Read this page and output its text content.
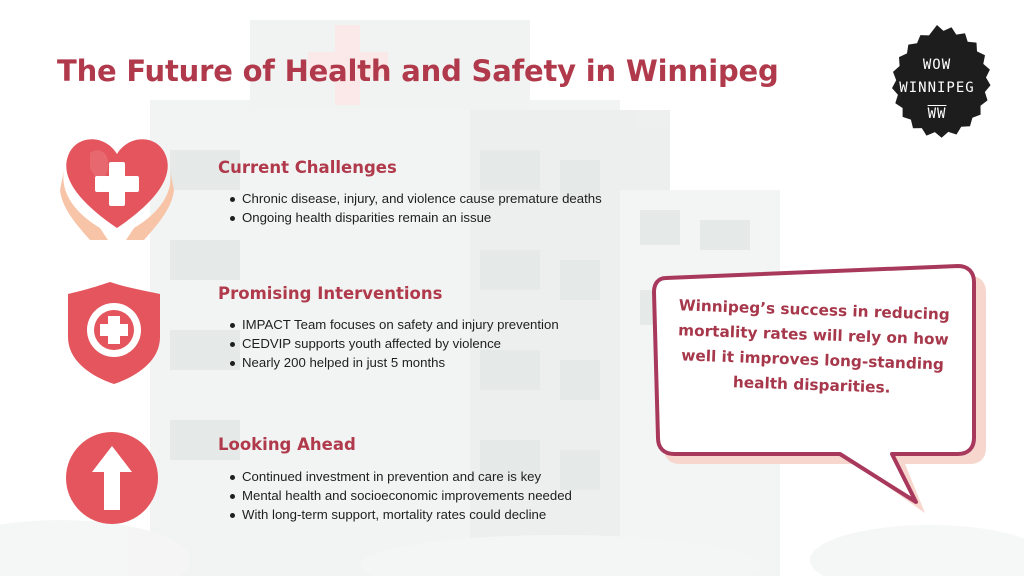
The Future of Health and Safety in Winnipeg	WOW
WINNIPEG
$\overline{WW}$
Current Challenges
Chronic disease, injury, and violence cause premature deaths
Ongoing health disparities remain an issue
Promising Interventions
IMPACT Team focuses on safety and injury prevention
CEDVIP supports youth affected by violence
Nearly 200 helped in just 5 months
Looking Ahead
Continued investment in prevention and care is key
Mental health and socioeconomic improvements needed
With long-term support, mortality rates could decline
Winnipeg’s success in reducing mortality rates will rely on how well it improves long-standing health disparities.
